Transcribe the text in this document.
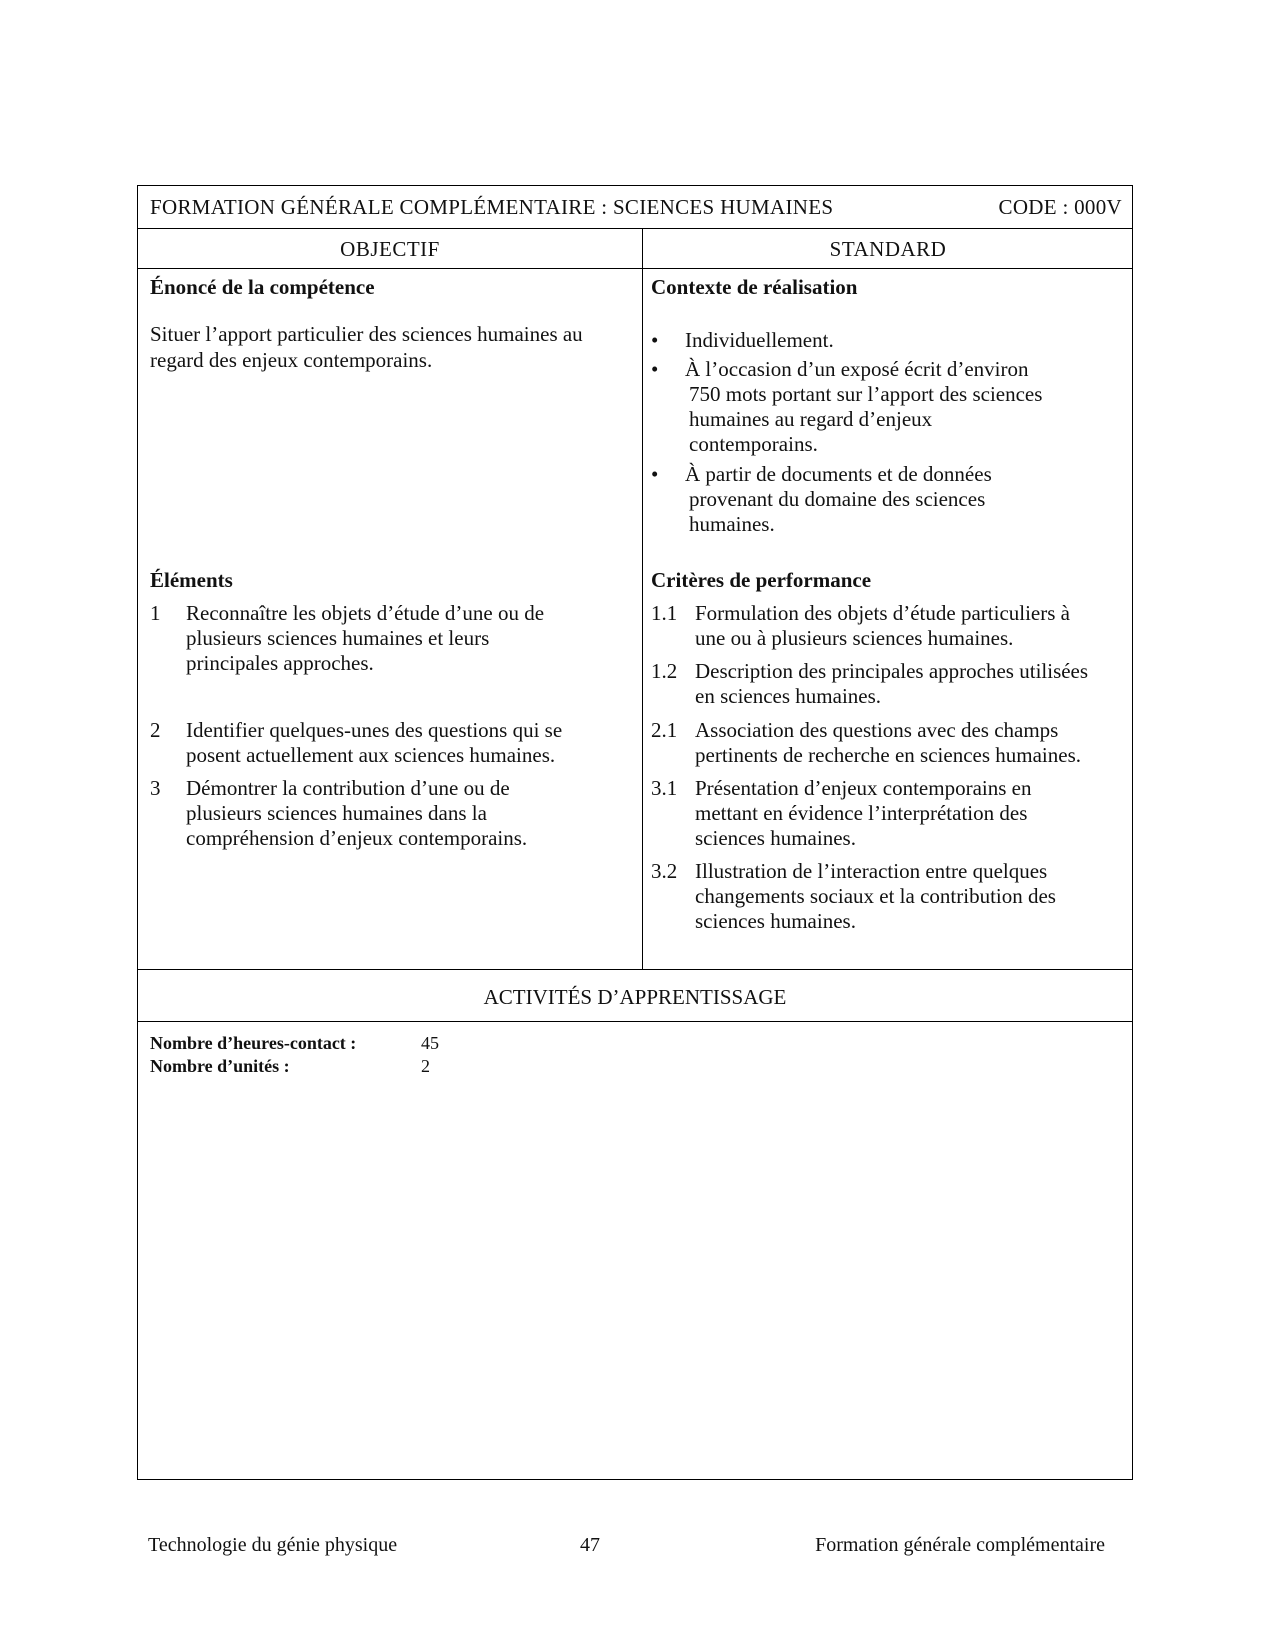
FORMATION GÉNÉRALE COMPLÉMENTAIRE : SCIENCES HUMAINES	CODE : 000V
OBJECTIF	STANDARD
Énoncé de la compétence
Situer l’apport particulier des sciences humaines au
regard des enjeux contemporains.
Contexte de réalisation
•	Individuellement.
•	À l’occasion d’un exposé écrit d’environ
750 mots portant sur l’apport des sciences
humaines au regard d’enjeux
contemporains.
•	À partir de documents et de données
provenant du domaine des sciences
humaines.
Éléments
1 Reconnaître les objets d’étude d’une ou de
plusieurs sciences humaines et leurs
principales approches.
2 Identifier quelques-unes des questions qui se
posent actuellement aux sciences humaines.
3 Démontrer la contribution d’une ou de
plusieurs sciences humaines dans la
compréhension d’enjeux contemporains.
Critères de performance
1.1 Formulation des objets d’étude particuliers à
une ou à plusieurs sciences humaines.
1.2 Description des principales approches utilisées
en sciences humaines.
2.1 Association des questions avec des champs
pertinents de recherche en sciences humaines.
3.1 Présentation d’enjeux contemporains en
mettant en évidence l’interprétation des
sciences humaines.
3.2 Illustration de l’interaction entre quelques
changements sociaux et la contribution des
sciences humaines.
ACTIVITÉS D’APPRENTISSAGE
Nombre d’heures-contact :	45
Nombre d’unités :	2
Technologie du génie physique	47	Formation générale complémentaire
